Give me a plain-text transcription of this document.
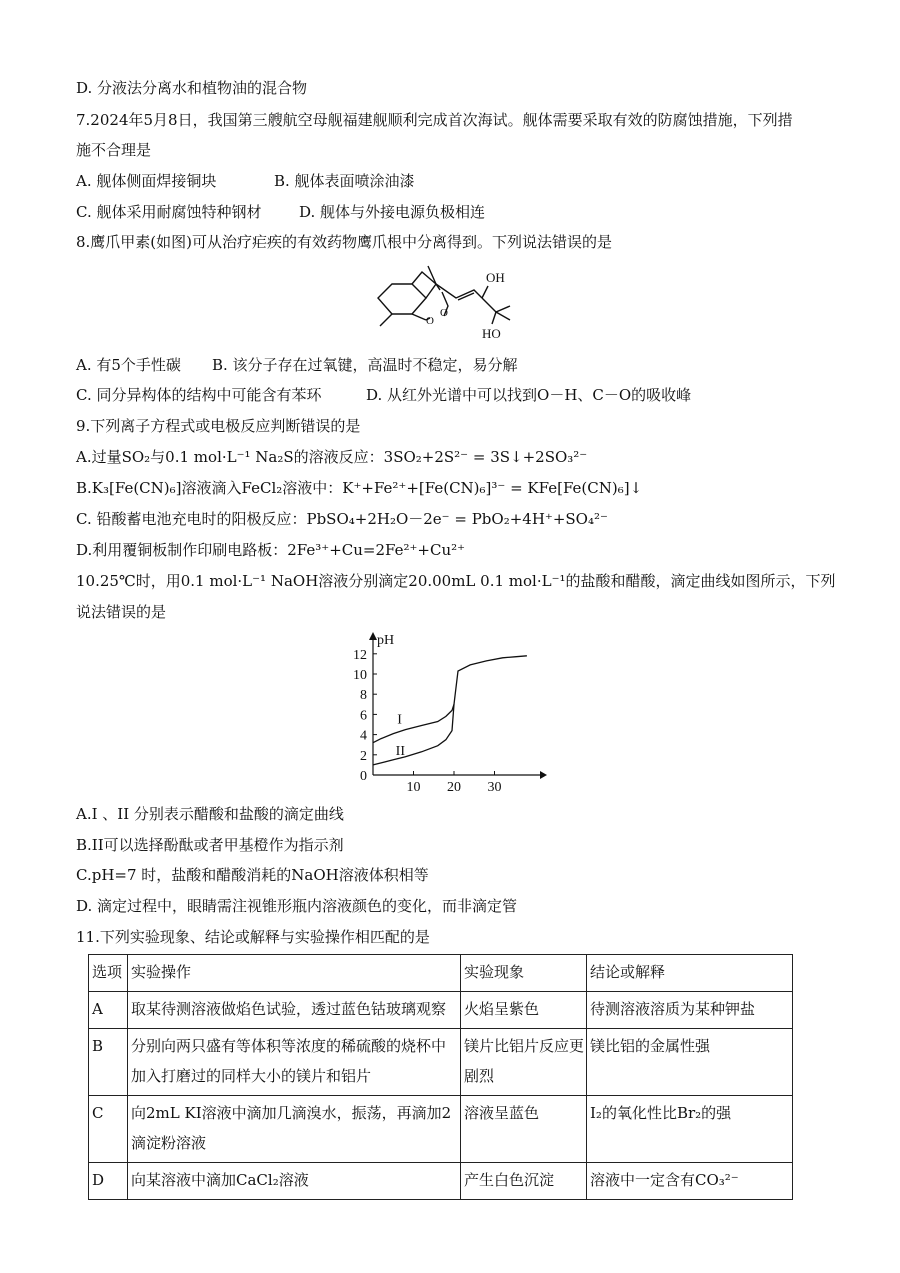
D. 分液法分离水和植物油的混合物
7.2024年5月8日，我国第三艘航空母舰福建舰顺利完成首次海试。舰体需要采取有效的防腐蚀措施，下列措
施不合理是
A. 舰体侧面焊接铜块	B. 舰体表面喷涂油漆
C. 舰体采用耐腐蚀特种钢材	D. 舰体与外接电源负极相连
8.鹰爪甲素(如图)可从治疗疟疾的有效药物鹰爪根中分离得到。下列说法错误的是
O
O
OH
HO
A. 有5个手性碳 B. 该分子存在过氧键，高温时不稳定，易分解
C. 同分异构体的结构中可能含有苯环	D. 从红外光谱中可以找到O－H、C－O的吸收峰
9.下列离子方程式或电极反应判断错误的是
A.过量SO₂与0.1 mol·L⁻¹ Na₂S的溶液反应：3SO₂+2S²⁻ = 3S↓+2SO₃²⁻
B.K₃[Fe(CN)₆]溶液滴入FeCl₂溶液中：K⁺+Fe²⁺+[Fe(CN)₆]³⁻ = KFe[Fe(CN)₆]↓
C. 铅酸蓄电池充电时的阳极反应：PbSO₄+2H₂O－2e⁻ = PbO₂+4H⁺+SO₄²⁻
D.利用覆铜板制作印刷电路板：2Fe³⁺+Cu=2Fe²⁺+Cu²⁺
10.25℃时，用0.1 mol·L⁻¹ NaOH溶液分别滴定20.00mL 0.1 mol·L⁻¹的盐酸和醋酸，滴定曲线如图所示，下列
说法错误的是
pH
0
2
4
6
8
10
12
10 20 30
I
II
A.I 、II 分别表示醋酸和盐酸的滴定曲线
B.II可以选择酚酞或者甲基橙作为指示剂
C.pH=7 时，盐酸和醋酸消耗的NaOH溶液体积相等
D. 滴定过程中，眼睛需注视锥形瓶内溶液颜色的变化，而非滴定管
11.下列实验现象、结论或解释与实验操作相匹配的是
选项	实验操作	实验现象	结论或解释
A	取某待测溶液做焰色试验，透过蓝色钴玻璃观察	火焰呈紫色	待测溶液溶质为某种钾盐
B	分别向两只盛有等体积等浓度的稀硫酸的烧杯中加入打磨过的同样大小的镁片和铝片	镁片比铝片反应更剧烈	镁比铝的金属性强
C	向2mL KI溶液中滴加几滴溴水，振荡，再滴加2滴淀粉溶液	溶液呈蓝色	I₂的氧化性比Br₂的强
D	向某溶液中滴加CaCl₂溶液	产生白色沉淀	溶液中一定含有CO₃²⁻
